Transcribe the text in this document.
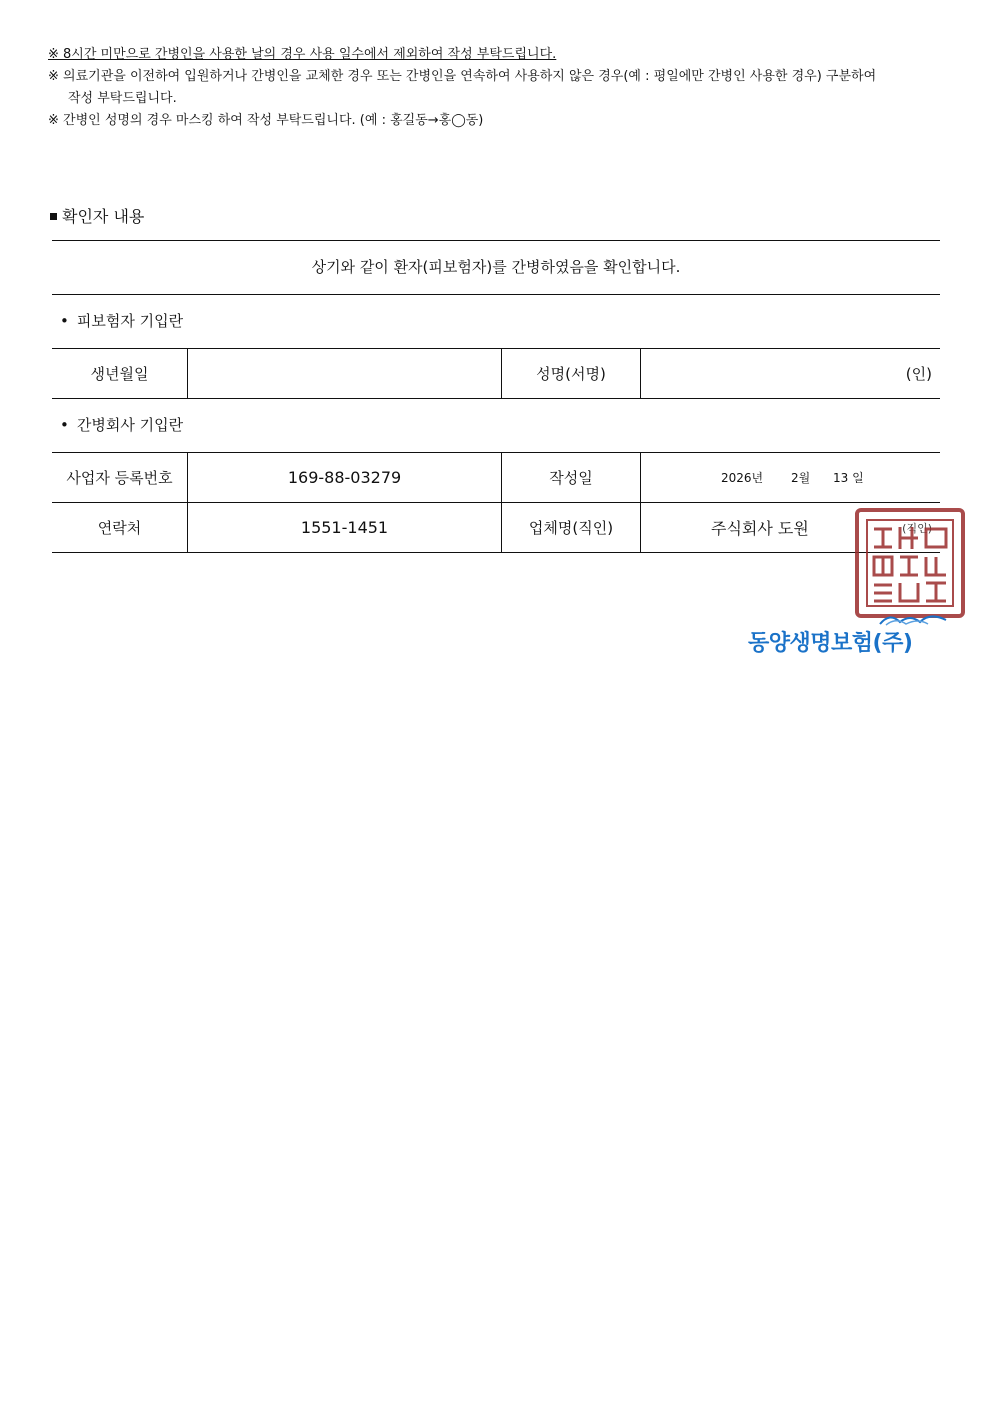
※ 8시간 미만으로 간병인을 사용한 날의 경우 사용 일수에서 제외하여 작성 부탁드립니다.

※ 의료기관을 이전하여 입원하거나 간병인을 교체한 경우 또는 간병인을 연속하여 사용하지 않은 경우(예 : 평일에만 간병인 사용한 경우) 구분하여

작성 부탁드립니다.

※ 간병인 성명의 경우 마스킹 하여 작성 부탁드립니다. (예 : 홍길동→홍◯동)

확인자 내용
상기와 같이 환자(피보험자)를 간병하였음을 확인합니다.
• 피보험자 기입란
생년월일		성명(서명)	(인)
• 간병회사 기입란
사업자 등록번호	169-88-03279	작성일	2026년 2월 13 일
연락처	1551-1451	업체명(직인)	주식회사 도원 (직인)
동양생명보험(주)
